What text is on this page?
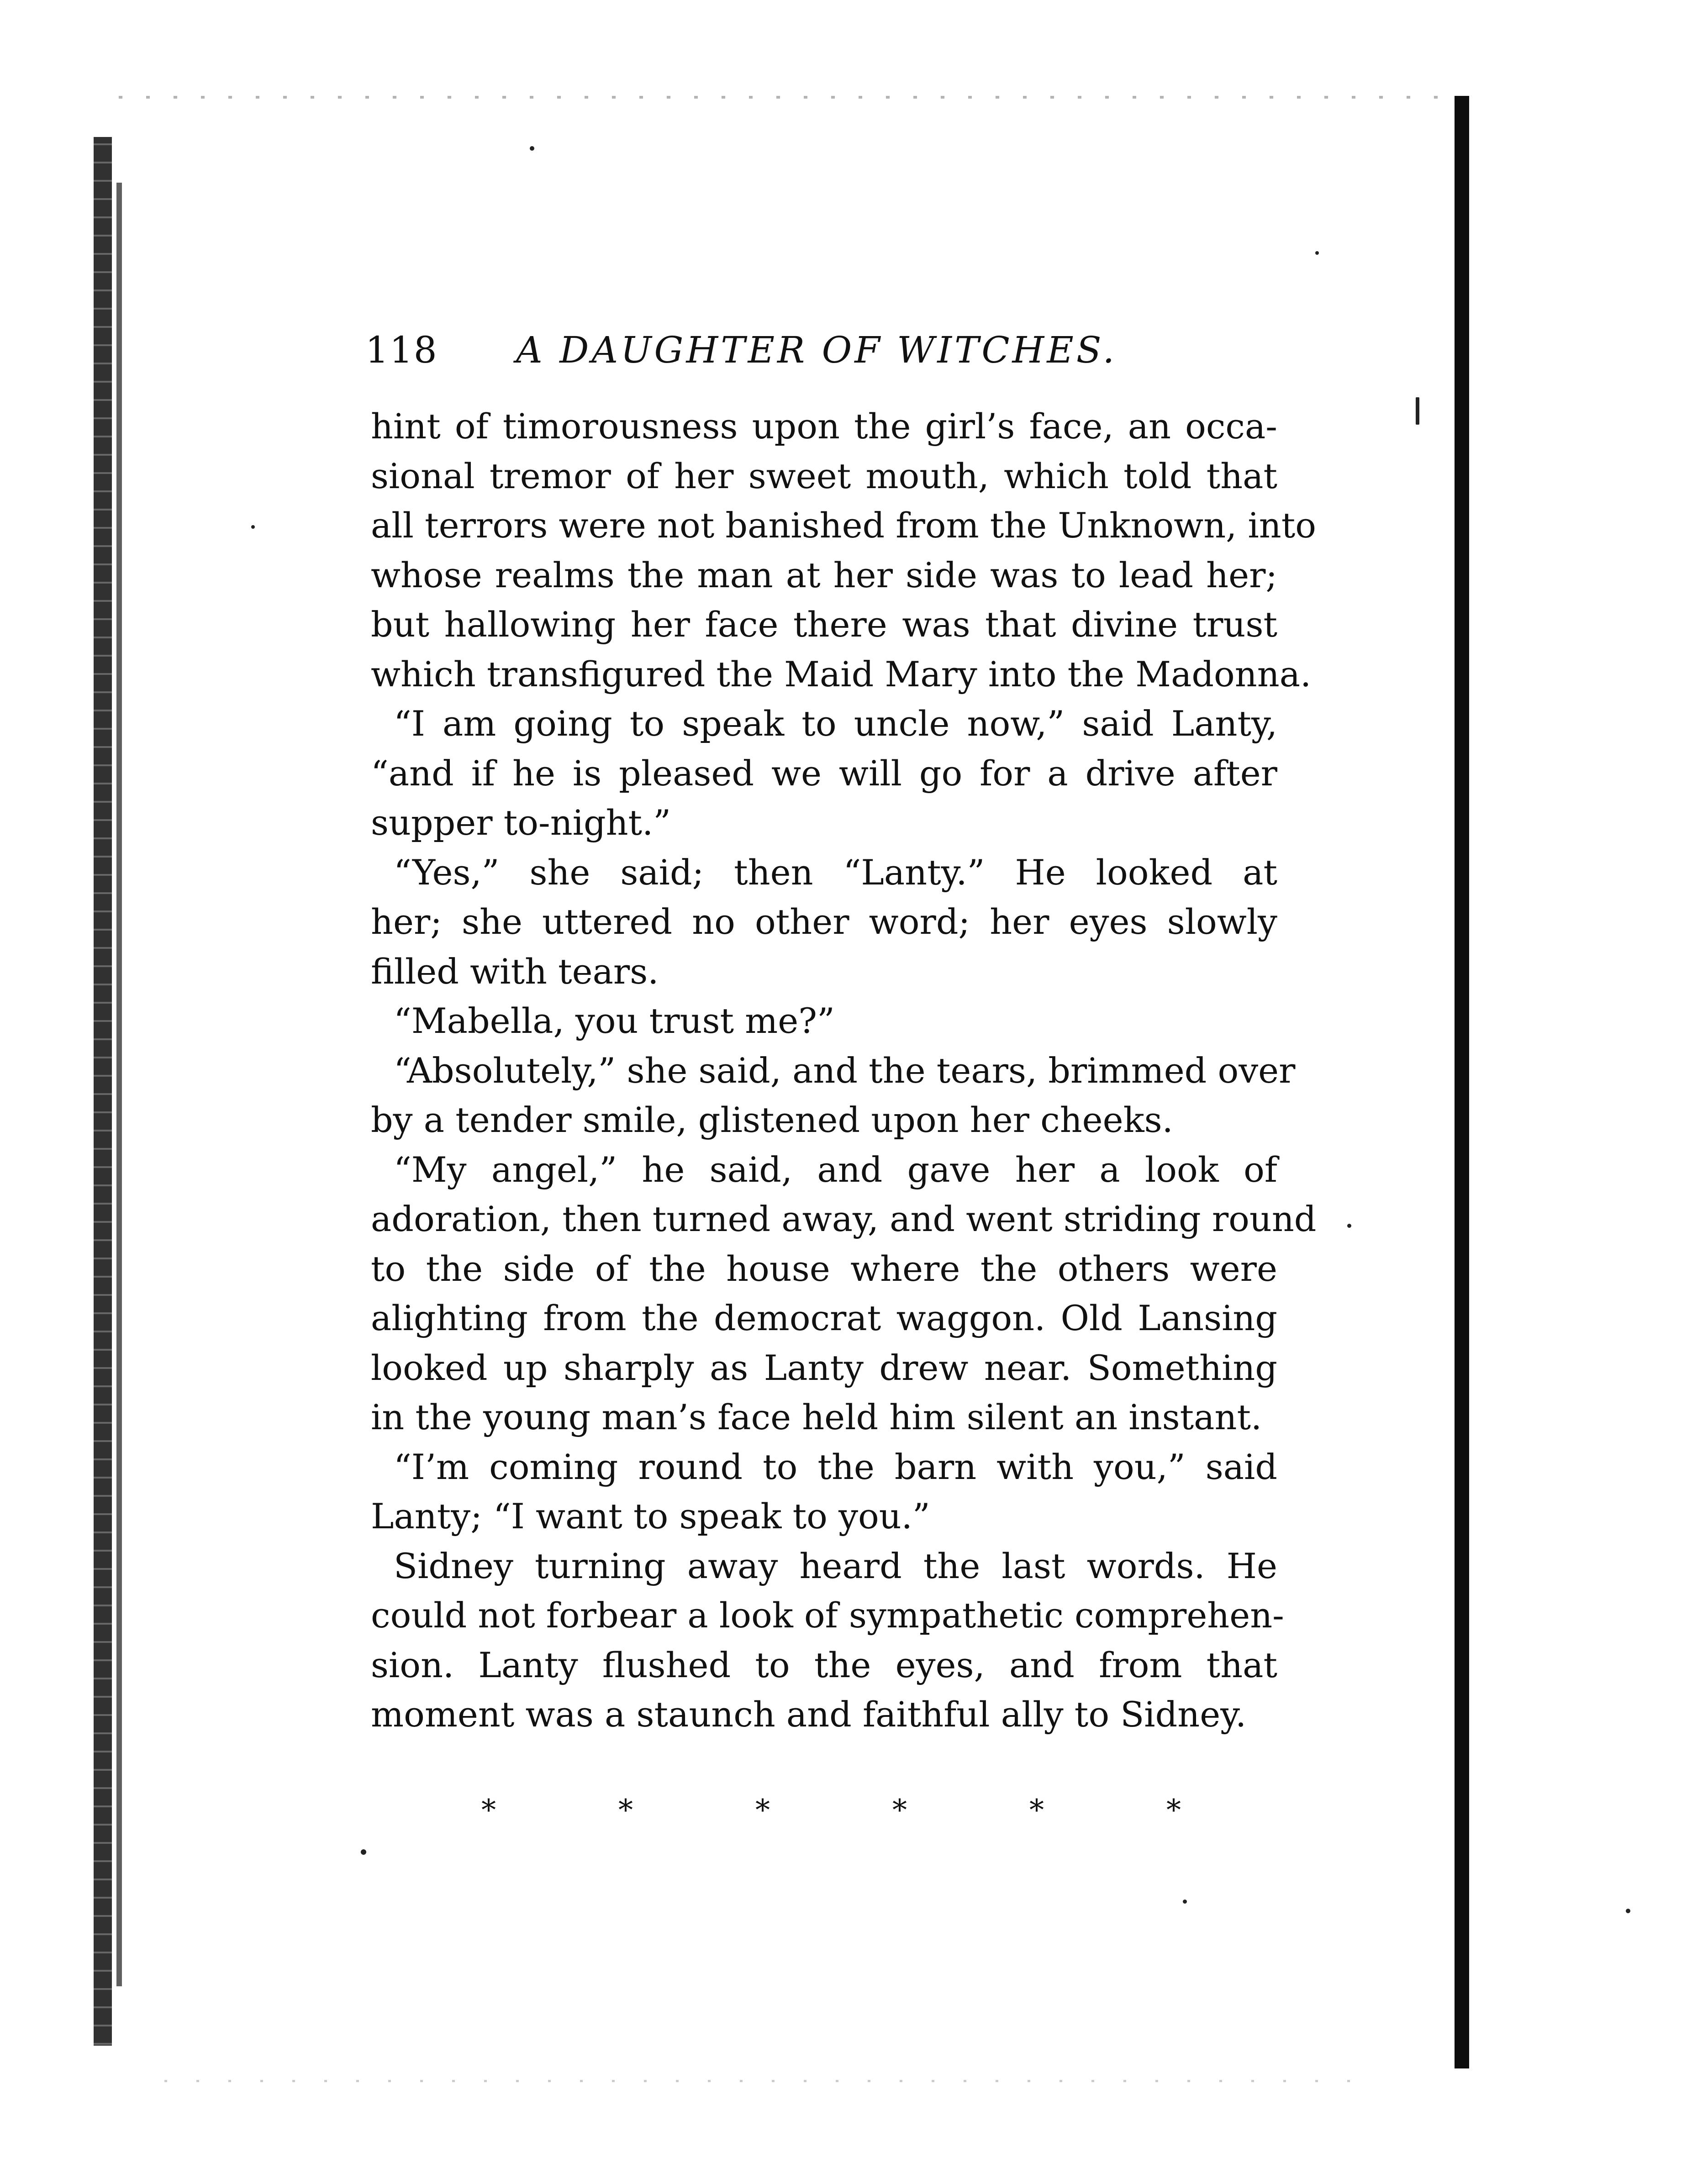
118 A DAUGHTER OF WITCHES.
hint of timorousness upon the girl’s face, an occa-
sional tremor of her sweet mouth, which told that
all terrors were not banished from the Unknown, into
whose realms the man at her side was to lead her;
but hallowing her face there was that divine trust
which transfigured the Maid Mary into the Madonna.
“I am going to speak to uncle now,” said Lanty,
“and if he is pleased we will go for a drive after
supper to-night.”
“Yes,” she said; then “Lanty.” He looked at
her; she uttered no other word; her eyes slowly
filled with tears.
“Mabella, you trust me?”
“Absolutely,” she said, and the tears, brimmed over
by a tender smile, glistened upon her cheeks.
“My angel,” he said, and gave her a look of
adoration, then turned away, and went striding round
to the side of the house where the others were
alighting from the democrat waggon. Old Lansing
looked up sharply as Lanty drew near. Something
in the young man’s face held him silent an instant.
“I’m coming round to the barn with you,” said
Lanty; “I want to speak to you.”
Sidney turning away heard the last words. He
could not forbear a look of sympathetic comprehen-
sion. Lanty flushed to the eyes, and from that
moment was a staunch and faithful ally to Sidney.
*	*	*	*	*	*
